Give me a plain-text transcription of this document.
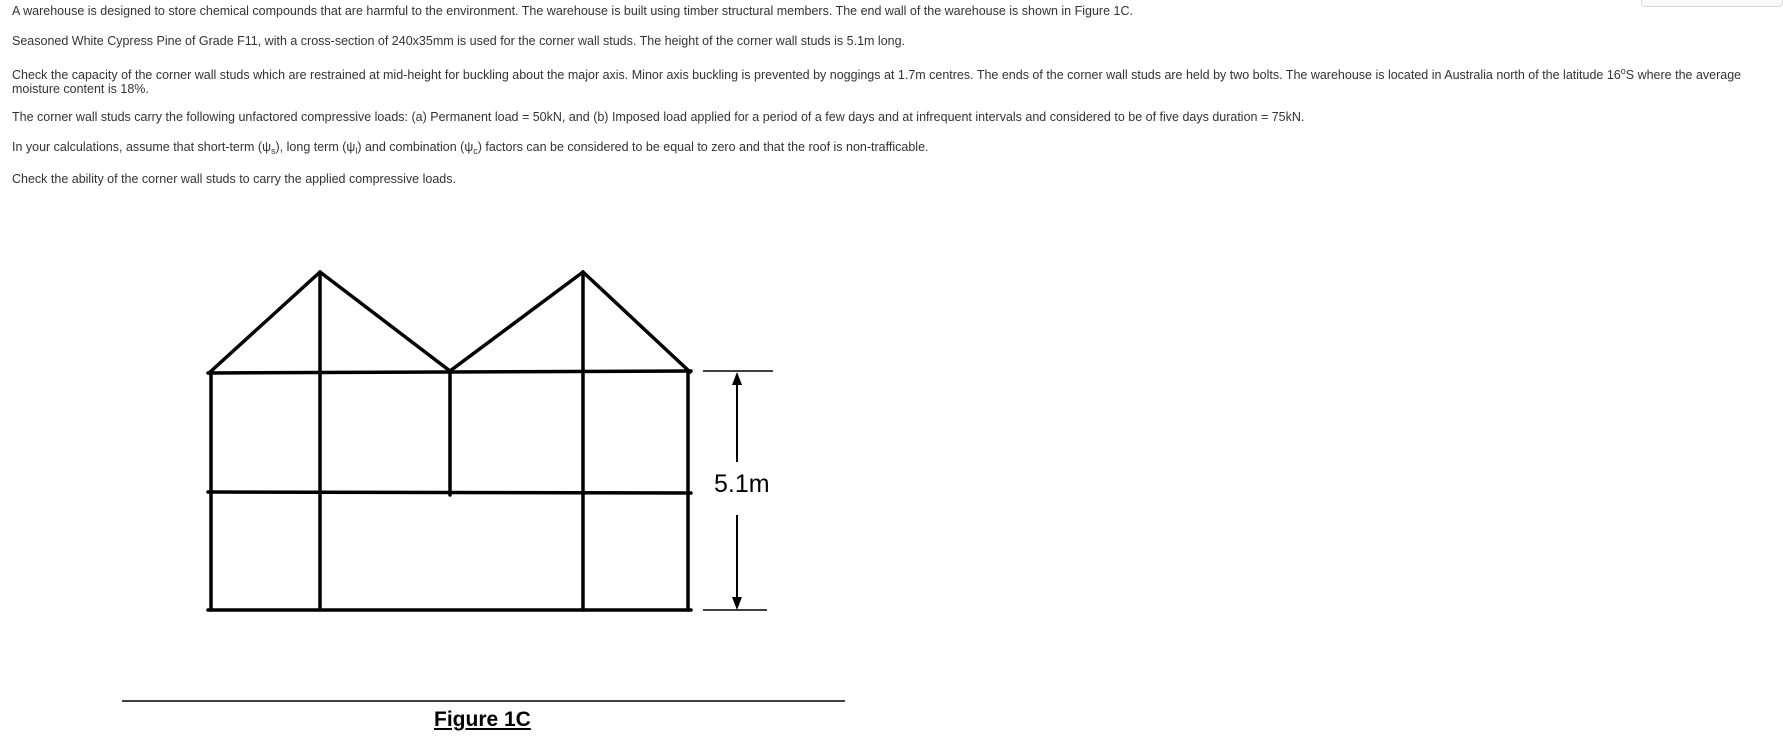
A warehouse is designed to store chemical compounds that are harmful to the environment. The warehouse is built using timber structural members. The end wall of the warehouse is shown in Figure 1C.

Seasoned White Cypress Pine of Grade F11, with a cross-section of 240x35mm is used for the corner wall studs. The height of the corner wall studs is 5.1m long.

Check the capacity of the corner wall studs which are restrained at mid-height for buckling about the major axis. Minor axis buckling is prevented by noggings at 1.7m centres. The ends of the corner wall studs are held by two bolts. The warehouse is located in Australia north of the latitude 16$^o$S where the average moisture content is 18%.

The corner wall studs carry the following unfactored compressive loads: (a) Permanent load = 50kN, and (b) Imposed load applied for a period of a few days and at infrequent intervals and considered to be of five days duration = 75kN.

In your calculations, assume that short-term $(\psi_s)$, long term $(\psi_l)$ and combination $(\psi_c)$ factors can be considered to be equal to zero and that the roof is non-trafficable.

Check the ability of the corner wall studs to carry the applied compressive loads.

5.1m
Figure 1C
